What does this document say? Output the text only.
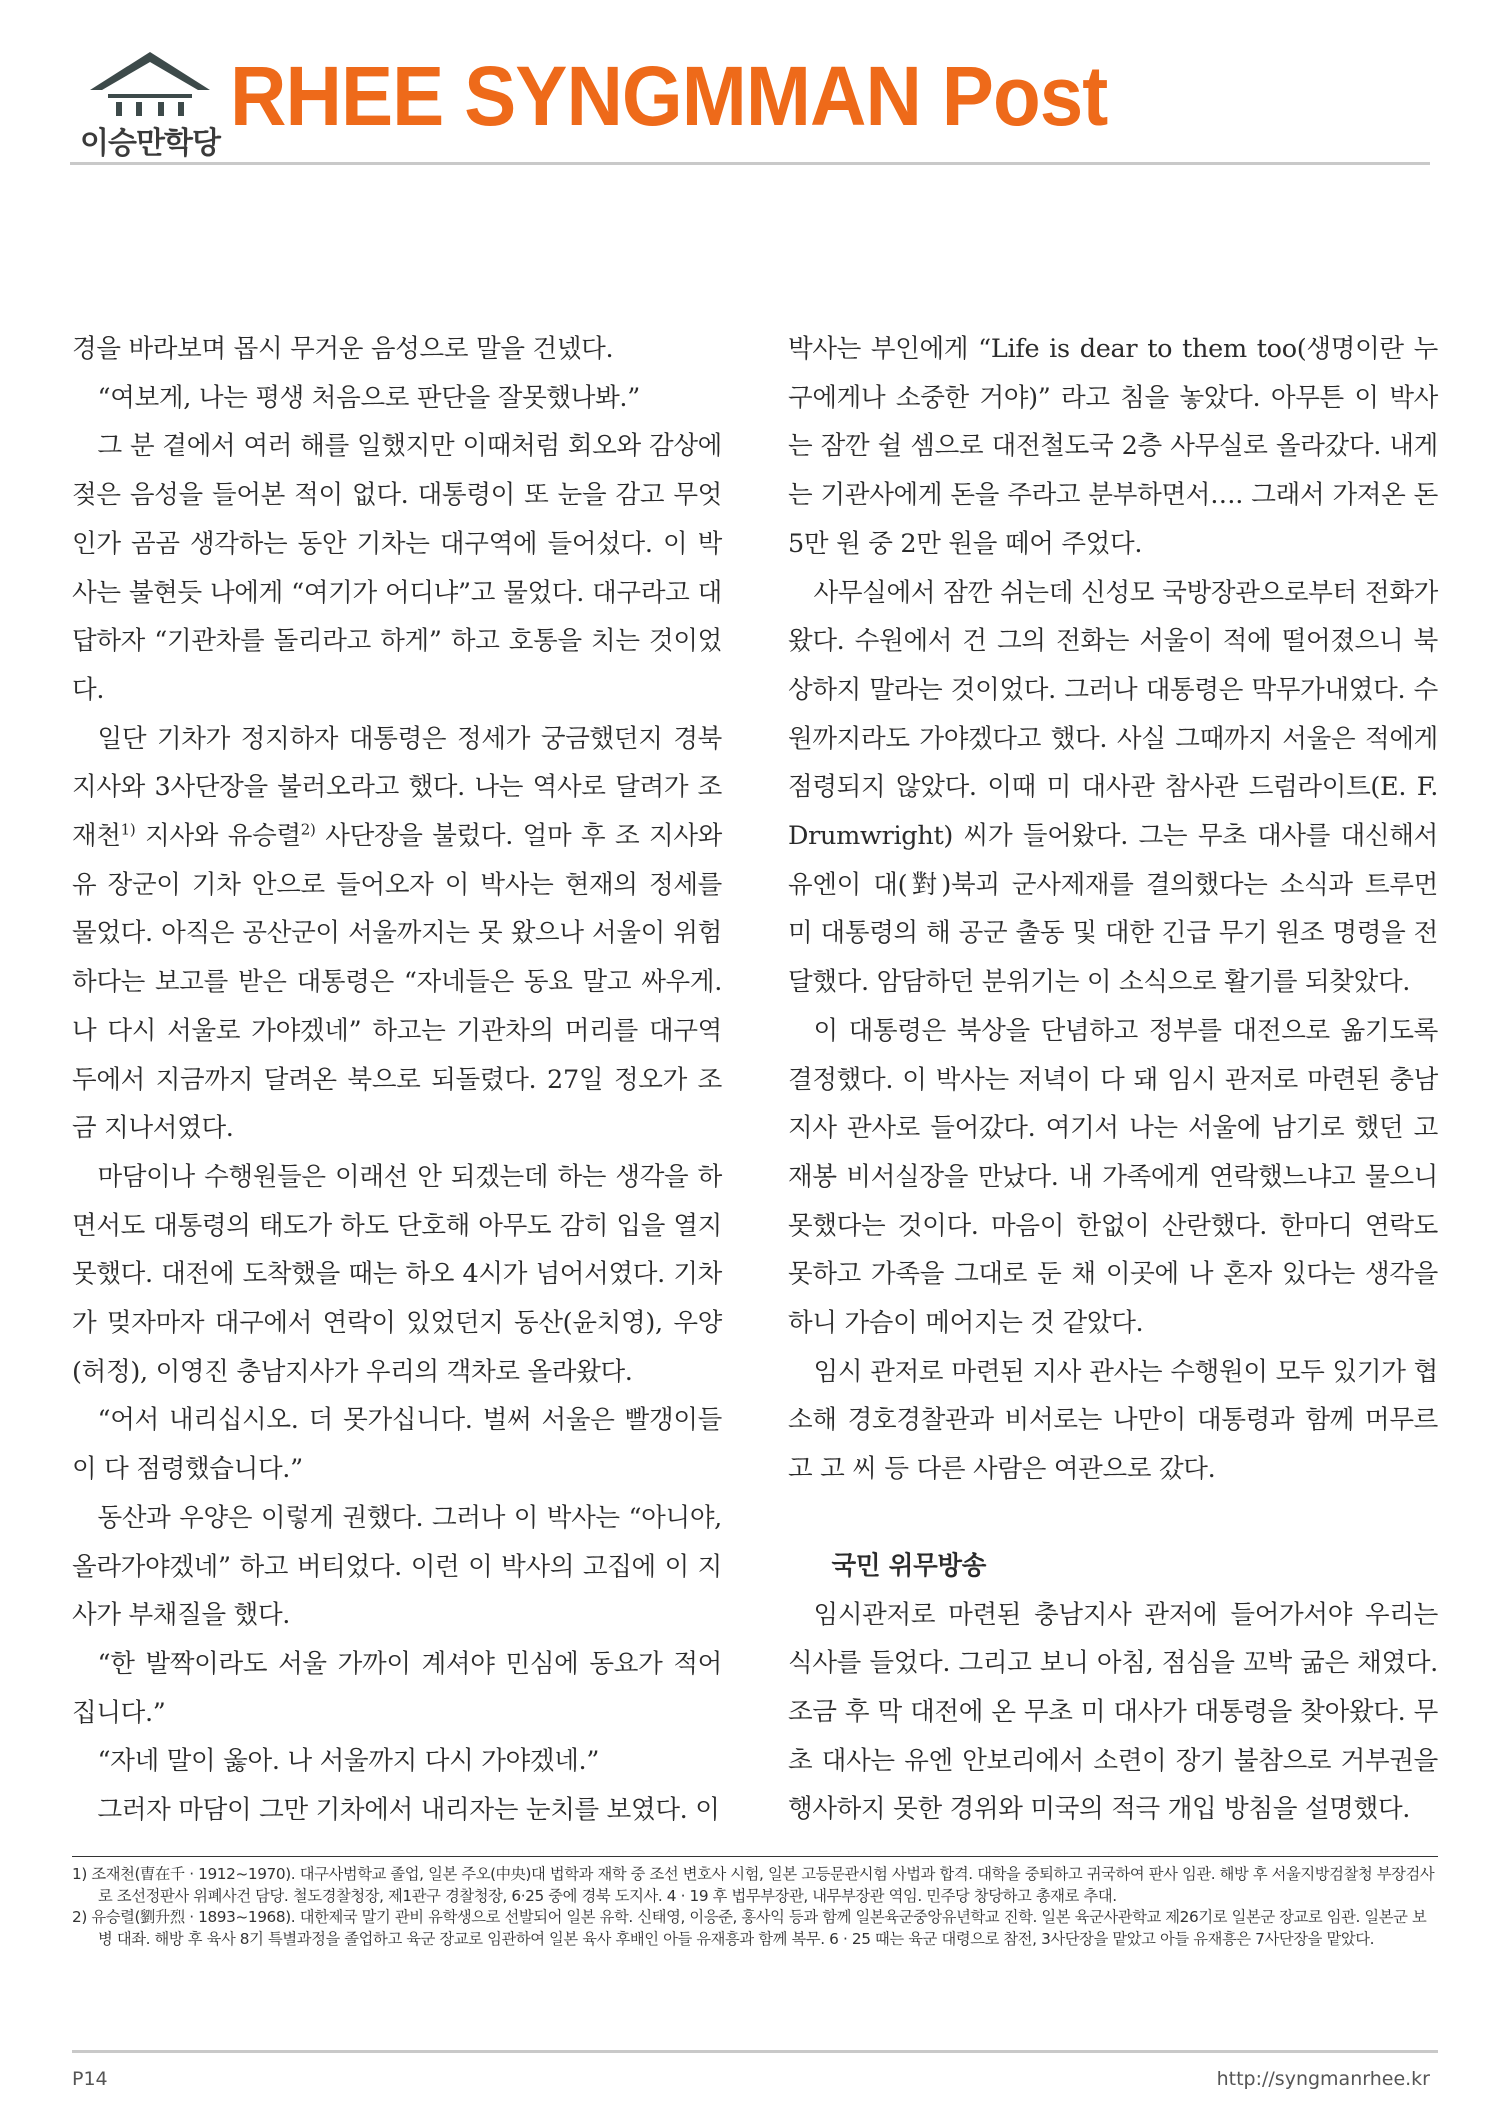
이승만학당
RHEE SYNGMMAN Post

경을 바라보며 몹시 무거운 음성으로 말을 건넸다.

“여보게, 나는 평생 처음으로 판단을 잘못했나봐.”

그 분 곁에서 여러 해를 일했지만 이때처럼 회오와 감상에 젖은 음성을 들어본 적이 없다. 대통령이 또 눈을 감고 무엇인가 곰곰 생각하는 동안 기차는 대구역에 들어섰다. 이 박사는 불현듯 나에게 “여기가 어디냐”고 물었다. 대구라고 대답하자 “기관차를 돌리라고 하게” 하고 호통을 치는 것이었다.

일단 기차가 정지하자 대통령은 정세가 궁금했던지 경북지사와 3사단장을 불러오라고 했다. 나는 역사로 달려가 조재천$^{1)}$ 지사와 유승렬$^{2)}$ 사단장을 불렀다. 얼마 후 조 지사와 유 장군이 기차 안으로 들어오자 이 박사는 현재의 정세를 물었다. 아직은 공산군이 서울까지는 못 왔으나 서울이 위험하다는 보고를 받은 대통령은 “자네들은 동요 말고 싸우게. 나 다시 서울로 가야겠네” 하고는 기관차의 머리를 대구역두에서 지금까지 달려온 북으로 되돌렸다. 27일 정오가 조금 지나서였다.

마담이나 수행원들은 이래선 안 되겠는데 하는 생각을 하면서도 대통령의 태도가 하도 단호해 아무도 감히 입을 열지 못했다. 대전에 도착했을 때는 하오 4시가 넘어서였다. 기차가 멎자마자 대구에서 연락이 있었던지 동산(윤치영), 우양(허정), 이영진 충남지사가 우리의 객차로 올라왔다.

“어서 내리십시오. 더 못가십니다. 벌써 서울은 빨갱이들이 다 점령했습니다.”

동산과 우양은 이렇게 권했다. 그러나 이 박사는 “아니야, 올라가야겠네” 하고 버티었다. 이런 이 박사의 고집에 이 지사가 부채질을 했다.

“한 발짝이라도 서울 가까이 계셔야 민심에 동요가 적어집니다.”

“자네 말이 옳아. 나 서울까지 다시 가야겠네.”

그러자 마담이 그만 기차에서 내리자는 눈치를 보였다. 이

박사는 부인에게 “Life is dear to them too(생명이란 누구에게나 소중한 거야)” 라고 침을 놓았다. 아무튼 이 박사는 잠깐 쉴 셈으로 대전철도국 2층 사무실로 올라갔다. 내게는 기관사에게 돈을 주라고 분부하면서…. 그래서 가져온 돈 5만 원 중 2만 원을 떼어 주었다.

사무실에서 잠깐 쉬는데 신성모 국방장관으로부터 전화가 왔다. 수원에서 건 그의 전화는 서울이 적에 떨어졌으니 북상하지 말라는 것이었다. 그러나 대통령은 막무가내였다. 수원까지라도 가야겠다고 했다. 사실 그때까지 서울은 적에게 점령되지 않았다. 이때 미 대사관 참사관 드럼라이트(E. F. Drumwright) 씨가 들어왔다. 그는 무초 대사를 대신해서 유엔이 대(對)북괴 군사제재를 결의했다는 소식과 트루먼 미 대통령의 해 공군 출동 및 대한 긴급 무기 원조 명령을 전달했다. 암담하던 분위기는 이 소식으로 활기를 되찾았다.

이 대통령은 북상을 단념하고 정부를 대전으로 옮기도록 결정했다. 이 박사는 저녁이 다 돼 임시 관저로 마련된 충남지사 관사로 들어갔다. 여기서 나는 서울에 남기로 했던 고재봉 비서실장을 만났다. 내 가족에게 연락했느냐고 물으니 못했다는 것이다. 마음이 한없이 산란했다. 한마디 연락도 못하고 가족을 그대로 둔 채 이곳에 나 혼자 있다는 생각을 하니 가슴이 메어지는 것 같았다.

임시 관저로 마련된 지사 관사는 수행원이 모두 있기가 협소해 경호경찰관과 비서로는 나만이 대통령과 함께 머무르고 고 씨 등 다른 사람은 여관으로 갔다.

국민 위무방송

임시관저로 마련된 충남지사 관저에 들어가서야 우리는 식사를 들었다. 그리고 보니 아침, 점심을 꼬박 굶은 채였다. 조금 후 막 대전에 온 무초 미 대사가 대통령을 찾아왔다. 무초 대사는 유엔 안보리에서 소련이 장기 불참으로 거부권을 행사하지 못한 경위와 미국의 적극 개입 방침을 설명했다.

1) 조재천(曺在千 · 1912~1970). 대구사범학교 졸업, 일본 주오(中央)대 법학과 재학 중 조선 변호사 시험, 일본 고등문관시험 사법과 합격. 대학을 중퇴하고 귀국하여 판사 임관. 해방 후 서울지방검찰청 부장검사로 조선정판사 위폐사건 담당. 철도경찰청장, 제1관구 경찰청장, 6·25 중에 경북 도지사. 4 · 19 후 법무부장관, 내무부장관 역임. 민주당 창당하고 총재로 추대.

2) 유승렬(劉升烈 · 1893~1968). 대한제국 말기 관비 유학생으로 선발되어 일본 유학. 신태영, 이응준, 홍사익 등과 함께 일본육군중앙유년학교 진학. 일본 육군사관학교 제26기로 일본군 장교로 임관. 일본군 보병 대좌. 해방 후 육사 8기 특별과정을 졸업하고 육군 장교로 임관하여 일본 육사 후배인 아들 유재흥과 함께 복무. 6 · 25 때는 육군 대령으로 참전, 3사단장을 맡았고 아들 유재흥은 7사단장을 맡았다.

P14	http://syngmanrhee.kr
